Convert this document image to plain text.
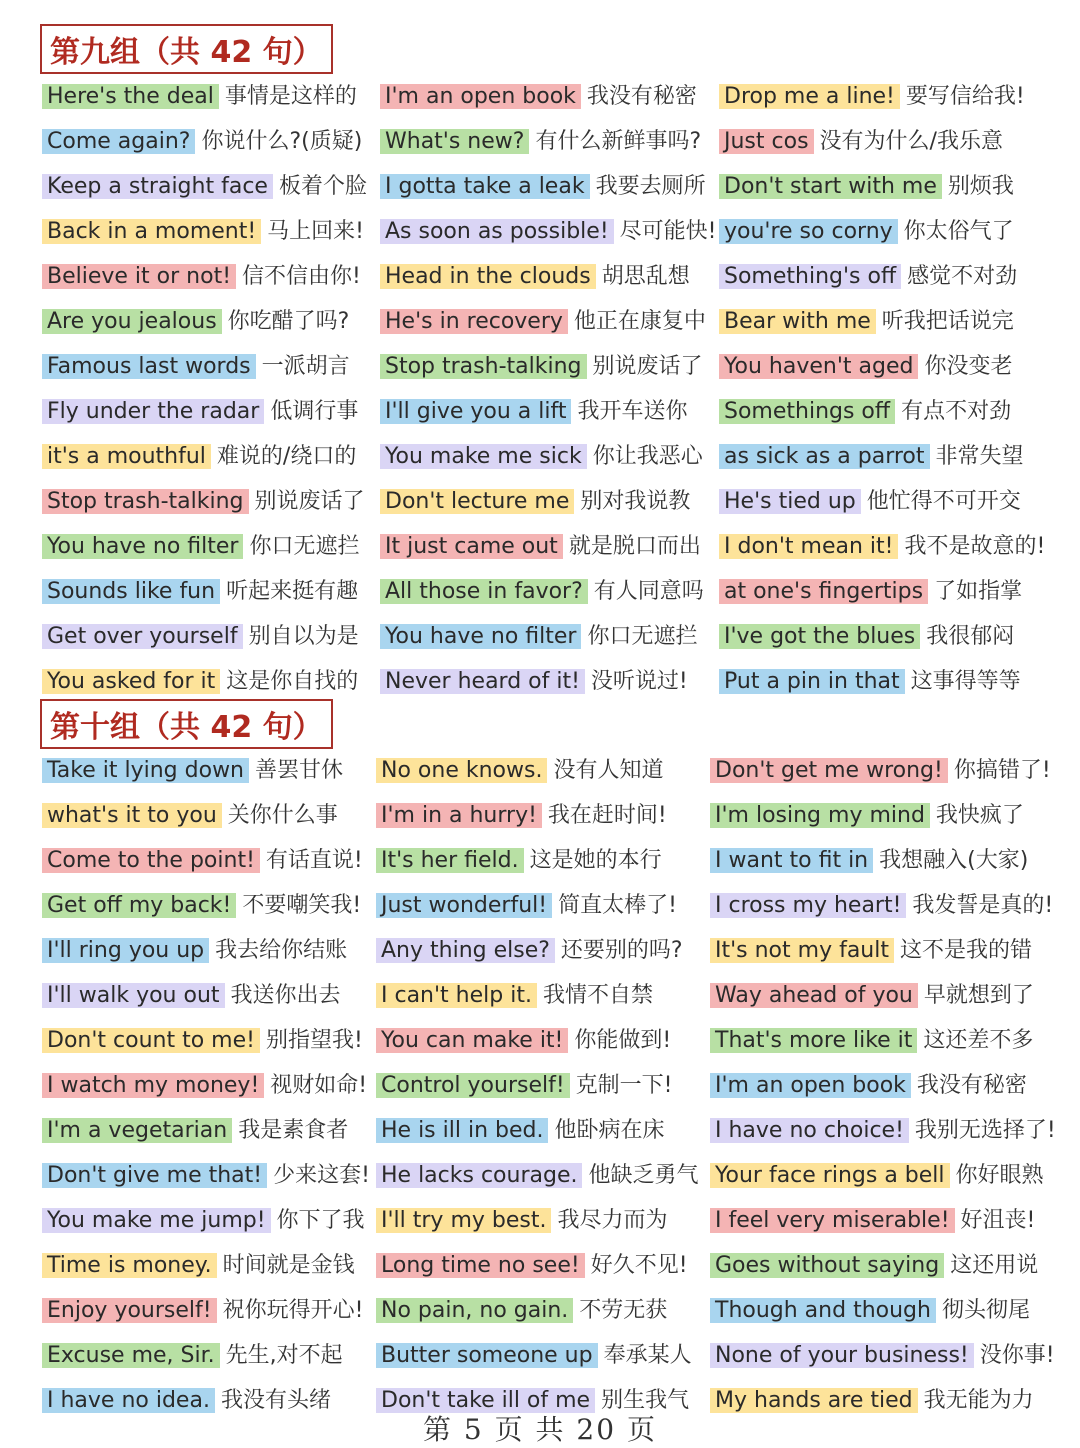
第九组（共 42 句）
第十组（共 42 句）
Here's the deal 事情是这样的
Come again? 你说什么?(质疑)
Keep a straight face 板着个脸
Back in a moment! 马上回来!
Believe it or not! 信不信由你!
Are you jealous 你吃醋了吗?
Famous last words 一派胡言
Fly under the radar 低调行事
it's a mouthful 难说的/绕口的
Stop trash-talking 别说废话了
You have no filter 你口无遮拦
Sounds like fun 听起来挺有趣
Get over yourself 别自以为是
You asked for it 这是你自找的
I'm an open book 我没有秘密
What's new? 有什么新鲜事吗?
I gotta take a leak 我要去厕所
As soon as possible! 尽可能快!
Head in the clouds 胡思乱想
He's in recovery 他正在康复中
Stop trash-talking 别说废话了
I'll give you a lift 我开车送你
You make me sick 你让我恶心
Don't lecture me 别对我说教
It just came out 就是脱口而出
All those in favor? 有人同意吗
You have no filter 你口无遮拦
Never heard of it! 没听说过!
Drop me a line! 要写信给我!
Just cos 没有为什么/我乐意
Don't start with me 别烦我
you're so corny 你太俗气了
Something's off 感觉不对劲
Bear with me 听我把话说完
You haven't aged 你没变老
Somethings off 有点不对劲
as sick as a parrot 非常失望
He's tied up 他忙得不可开交
I don't mean it! 我不是故意的!
at one's fingertips 了如指掌
I've got the blues 我很郁闷
Put a pin in that 这事得等等
Take it lying down 善罢甘休
what's it to you 关你什么事
Come to the point! 有话直说!
Get off my back! 不要嘲笑我!
I'll ring you up 我去给你结账
I'll walk you out 我送你出去
Don't count to me! 别指望我!
I watch my money! 视财如命!
I'm a vegetarian 我是素食者
Don't give me that! 少来这套!
You make me jump! 你下了我
Time is money. 时间就是金钱
Enjoy yourself! 祝你玩得开心!
Excuse me, Sir. 先生,对不起
I have no idea. 我没有头绪
No one knows. 没有人知道
I'm in a hurry! 我在赶时间!
It's her field. 这是她的本行
Just wonderful! 简直太棒了!
Any thing else? 还要别的吗?
I can't help it. 我情不自禁
You can make it! 你能做到!
Control yourself! 克制一下!
He is ill in bed. 他卧病在床
He lacks courage. 他缺乏勇气
I'll try my best. 我尽力而为
Long time no see! 好久不见!
No pain, no gain. 不劳无获
Butter someone up 奉承某人
Don't take ill of me 别生我气
Don't get me wrong! 你搞错了!
I'm losing my mind 我快疯了
I want to fit in 我想融入(大家)
I cross my heart! 我发誓是真的!
It's not my fault 这不是我的错
Way ahead of you 早就想到了
That's more like it 这还差不多
I'm an open book 我没有秘密
I have no choice! 我别无选择了!
Your face rings a bell 你好眼熟
I feel very miserable! 好沮丧!
Goes without saying 这还用说
Though and though 彻头彻尾
None of your business! 没你事!
My hands are tied 我无能为力
第 5 页 共 20 页
